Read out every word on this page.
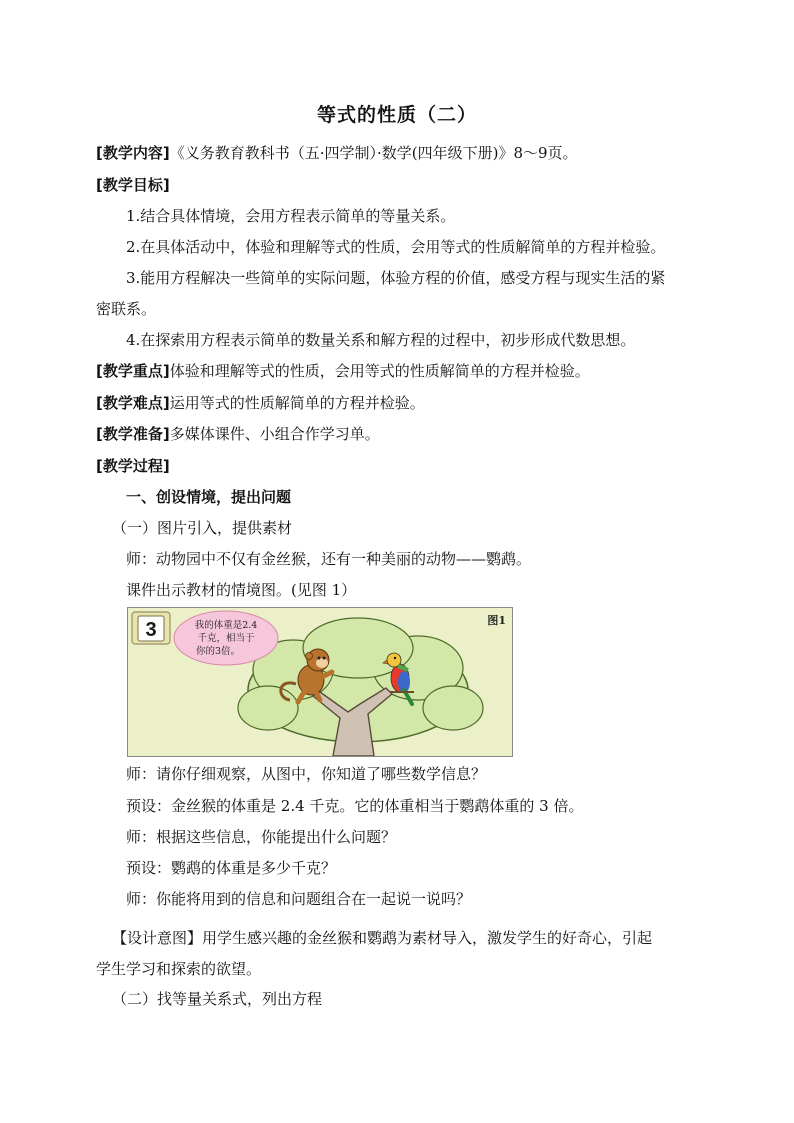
等式的性质（二）
[教学内容]《义务教育教科书（五·四学制）·数学(四年级下册)》8～9页。
[教学目标]
1.结合具体情境，会用方程表示简单的等量关系。
2.在具体活动中，体验和理解等式的性质，会用等式的性质解简单的方程并检验。
3.能用方程解决一些简单的实际问题，体验方程的价值，感受方程与现实生活的紧
密联系。
4.在探索用方程表示简单的数量关系和解方程的过程中，初步形成代数思想。
[教学重点]体验和理解等式的性质，会用等式的性质解简单的方程并检验。
[教学难点]运用等式的性质解简单的方程并检验。
[教学准备]多媒体课件、小组合作学习单。
[教学过程]
一、创设情境，提出问题
（一）图片引入，提供素材
师：动物园中不仅有金丝猴，还有一种美丽的动物——鹦鹉。
课件出示教材的情境图。(见图 1）
3	我的体重是2.4
千克，相当于
你的3倍。
图1
师：请你仔细观察，从图中，你知道了哪些数学信息？
预设：金丝猴的体重是 2.4 千克。它的体重相当于鹦鹉体重的 3 倍。
师：根据这些信息，你能提出什么问题？
预设：鹦鹉的体重是多少千克？
师：你能将用到的信息和问题组合在一起说一说吗？
【设计意图】用学生感兴趣的金丝猴和鹦鹉为素材导入，激发学生的好奇心，引起
学生学习和探索的欲望。
（二）找等量关系式，列出方程
